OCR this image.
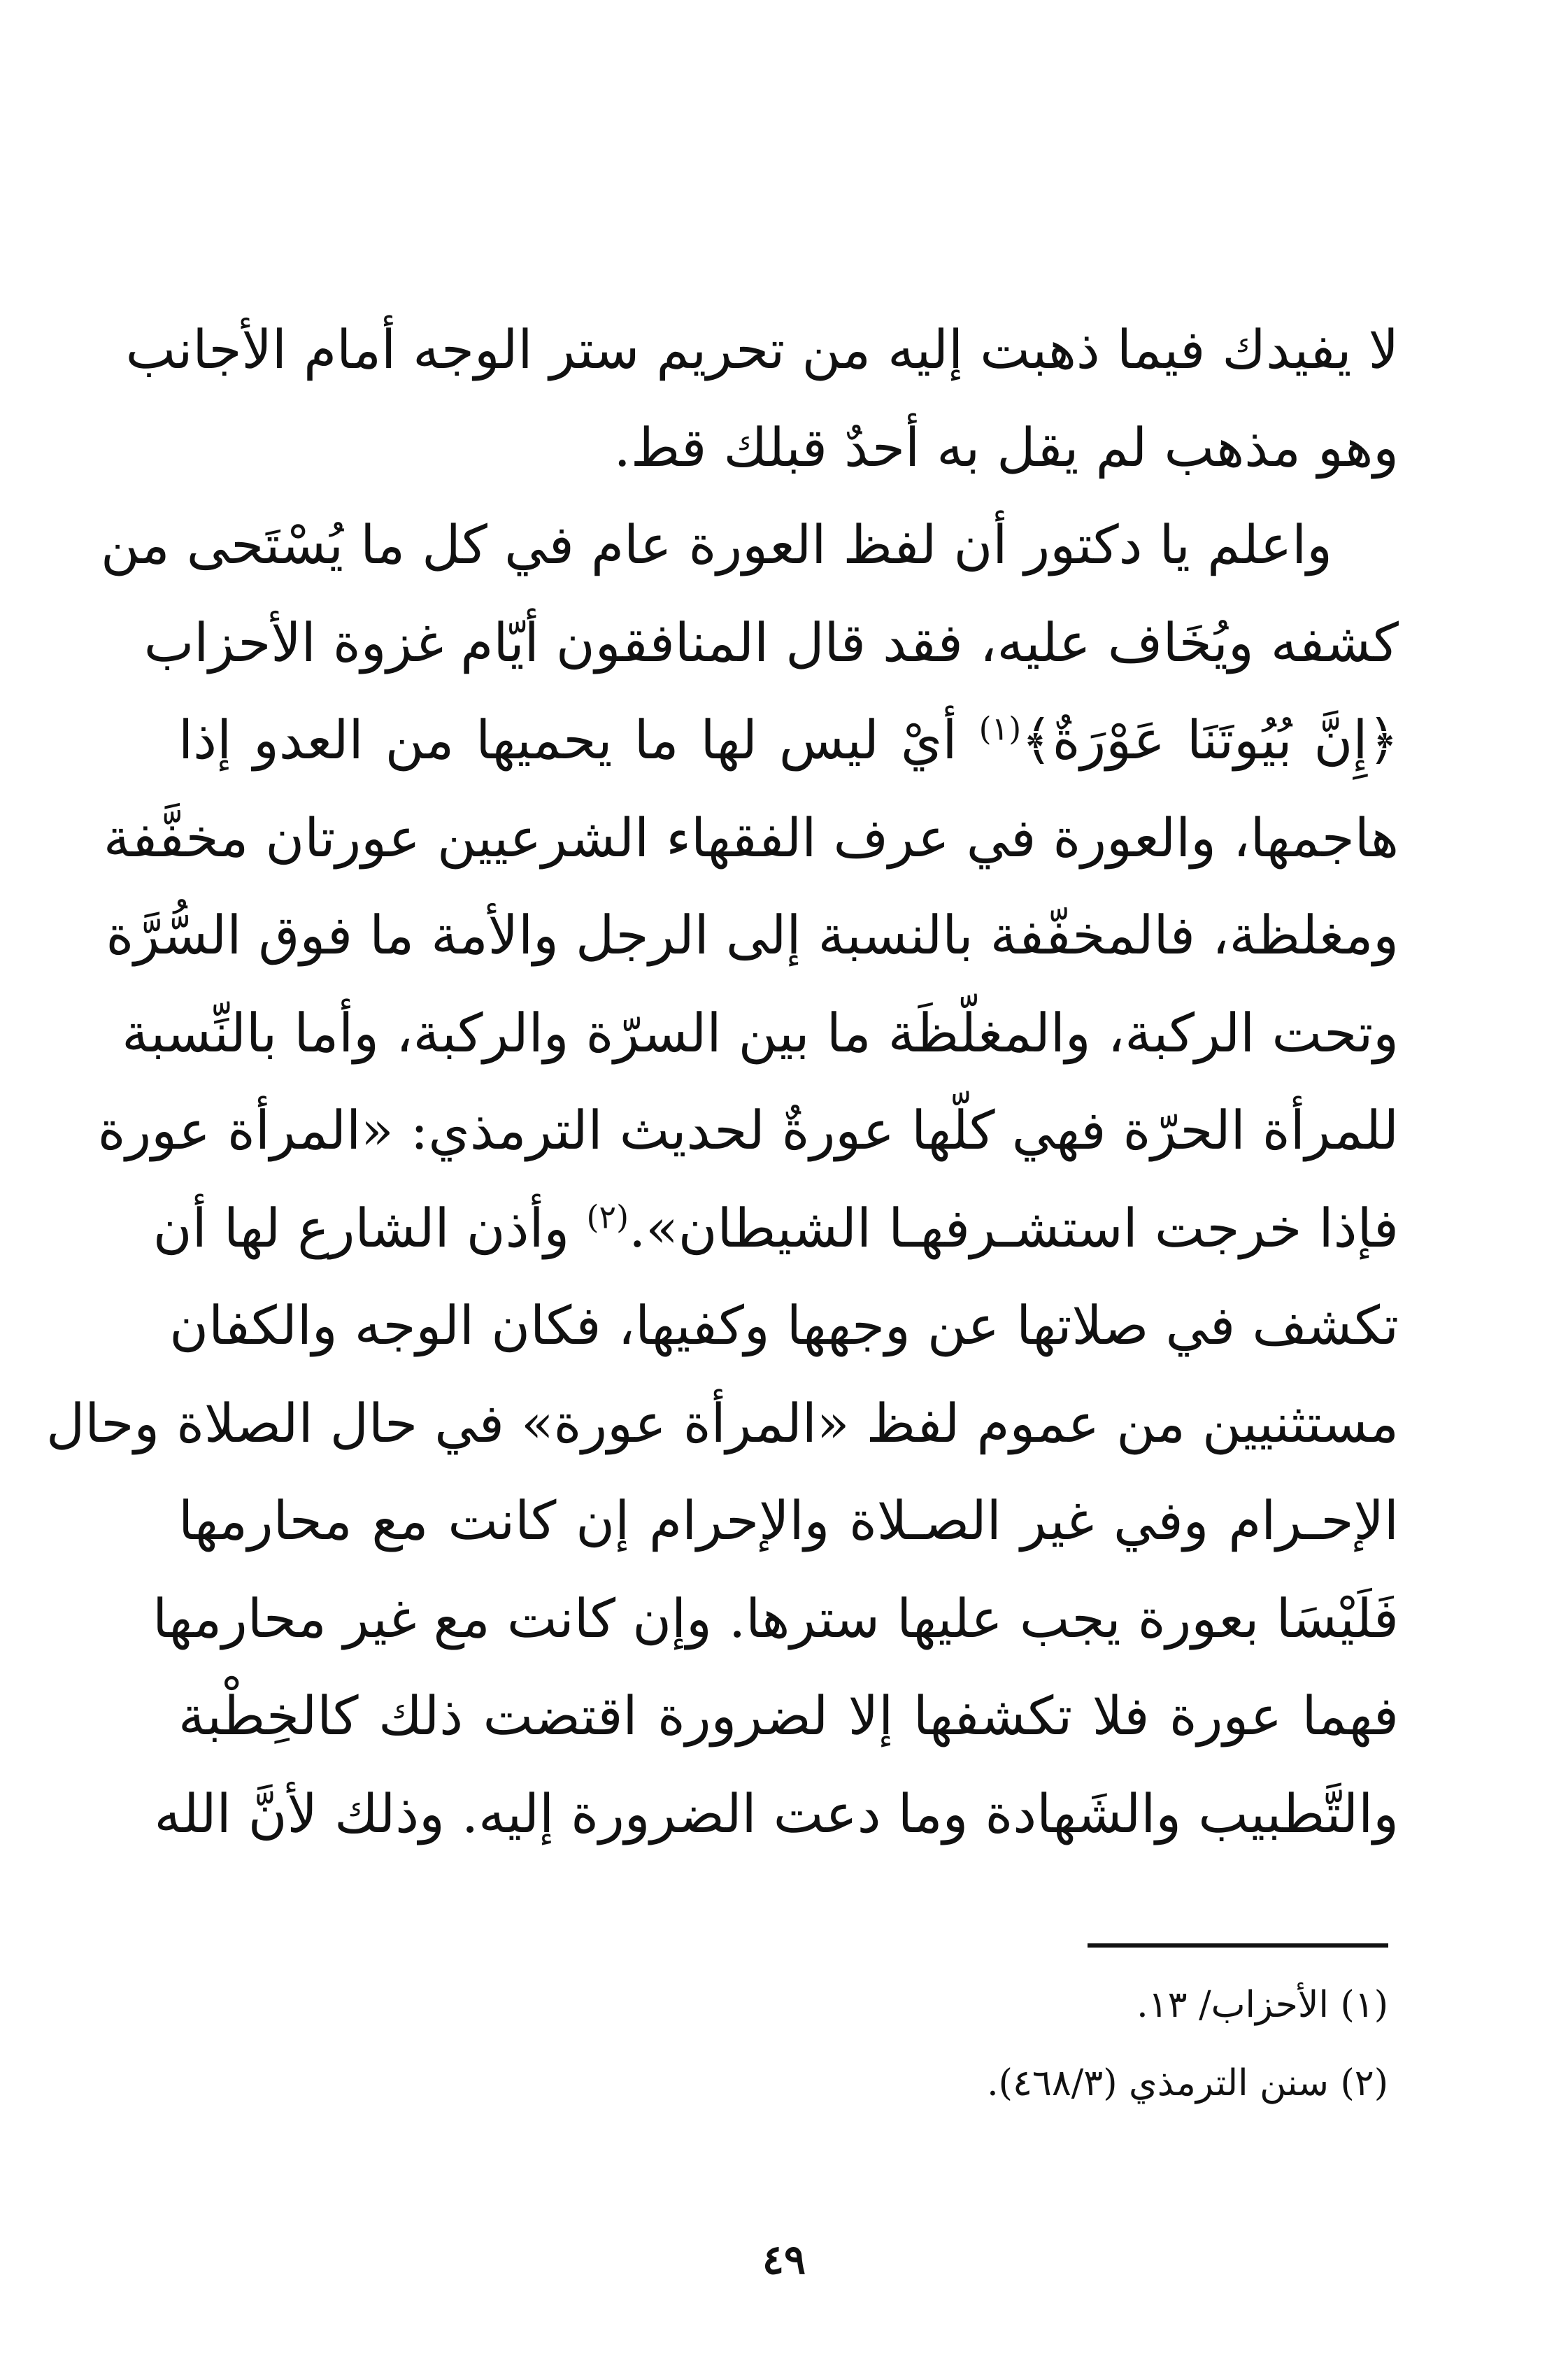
لا يفيدك فيما ذهبت إليه من تحريم ستر الوجه أمام الأجانب
وهو مذهب لم يقل به أحدٌ قبلك قط.
واعلم يا دكتور أن لفظ العورة عام في كل ما يُسْتَحى من
كشفه ويُخَاف عليه، فقد قال المنافقون أيّام غزوة الأحزاب
﴿إِنَّ بُيُوتَنَا عَوْرَةٌ﴾$^{(١)}$ أيْ ليس لها ما يحميها من العدو إذا
هاجمها، والعورة في عرف الفقهاء الشرعيين عورتان مخفَّفة
ومغلظة، فالمخفّفة بالنسبة إلى الرجل والأمة ما فوق السُّرَّة
وتحت الركبة، والمغلّظَة ما بين السرّة والركبة، وأما بالنِّسبة
للمرأة الحرّة فهي كلّها عورةٌ لحديث الترمذي: «المرأة عورة
فإذا خرجت استشـرفهـا الشيطان».$^{(٢)}$ وأذن الشارع لها أن
تكشف في صلاتها عن وجهها وكفيها، فكان الوجه والكفان
مستثنيين من عموم لفظ «المرأة عورة» في حال الصلاة وحال
الإحـرام وفي غير الصـلاة والإحرام إن كانت مع محارمها
فَلَيْسَا بعورة يجب عليها سترها. وإن كانت مع غير محارمها
فهما عورة فلا تكشفها إلا لضرورة اقتضت ذلك كالخِطْبة
والتَّطبيب والشَهادة وما دعت الضرورة إليه. وذلك لأنَّ الله
(١) الأحزاب/ ١٣.
(٢) سنن الترمذي (٤٦٨/٣).
٤٩
